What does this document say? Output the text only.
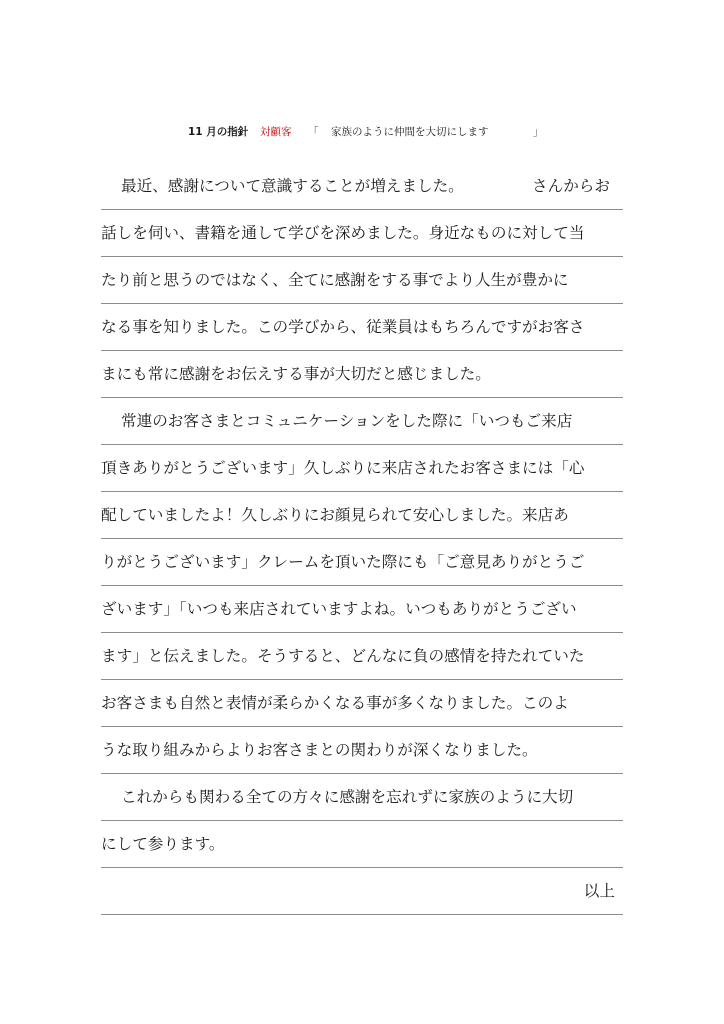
11 月の指針 対顧客 「 家族のように仲間を大切にします	」
最近、感謝について意識することが増えました。	さんからお
話しを伺い、書籍を通して学びを深めました。身近なものに対して当
たり前と思うのではなく、全てに感謝をする事でより人生が豊かに
なる事を知りました。この学びから、従業員はもちろんですがお客さ
まにも常に感謝をお伝えする事が大切だと感じました。
常連のお客さまとコミュニケーションをした際に「いつもご来店
頂きありがとうございます」久しぶりに来店されたお客さまには「心
配していましたよ！久しぶりにお顔見られて安心しました。来店あ
りがとうございます」クレームを頂いた際にも「ご意見ありがとうご
ざいます」「いつも来店されていますよね。いつもありがとうござい
ます」と伝えました。そうすると、どんなに負の感情を持たれていた
お客さまも自然と表情が柔らかくなる事が多くなりました。このよ
うな取り組みからよりお客さまとの関わりが深くなりました。
これからも関わる全ての方々に感謝を忘れずに家族のように大切
にして参ります。
以上
